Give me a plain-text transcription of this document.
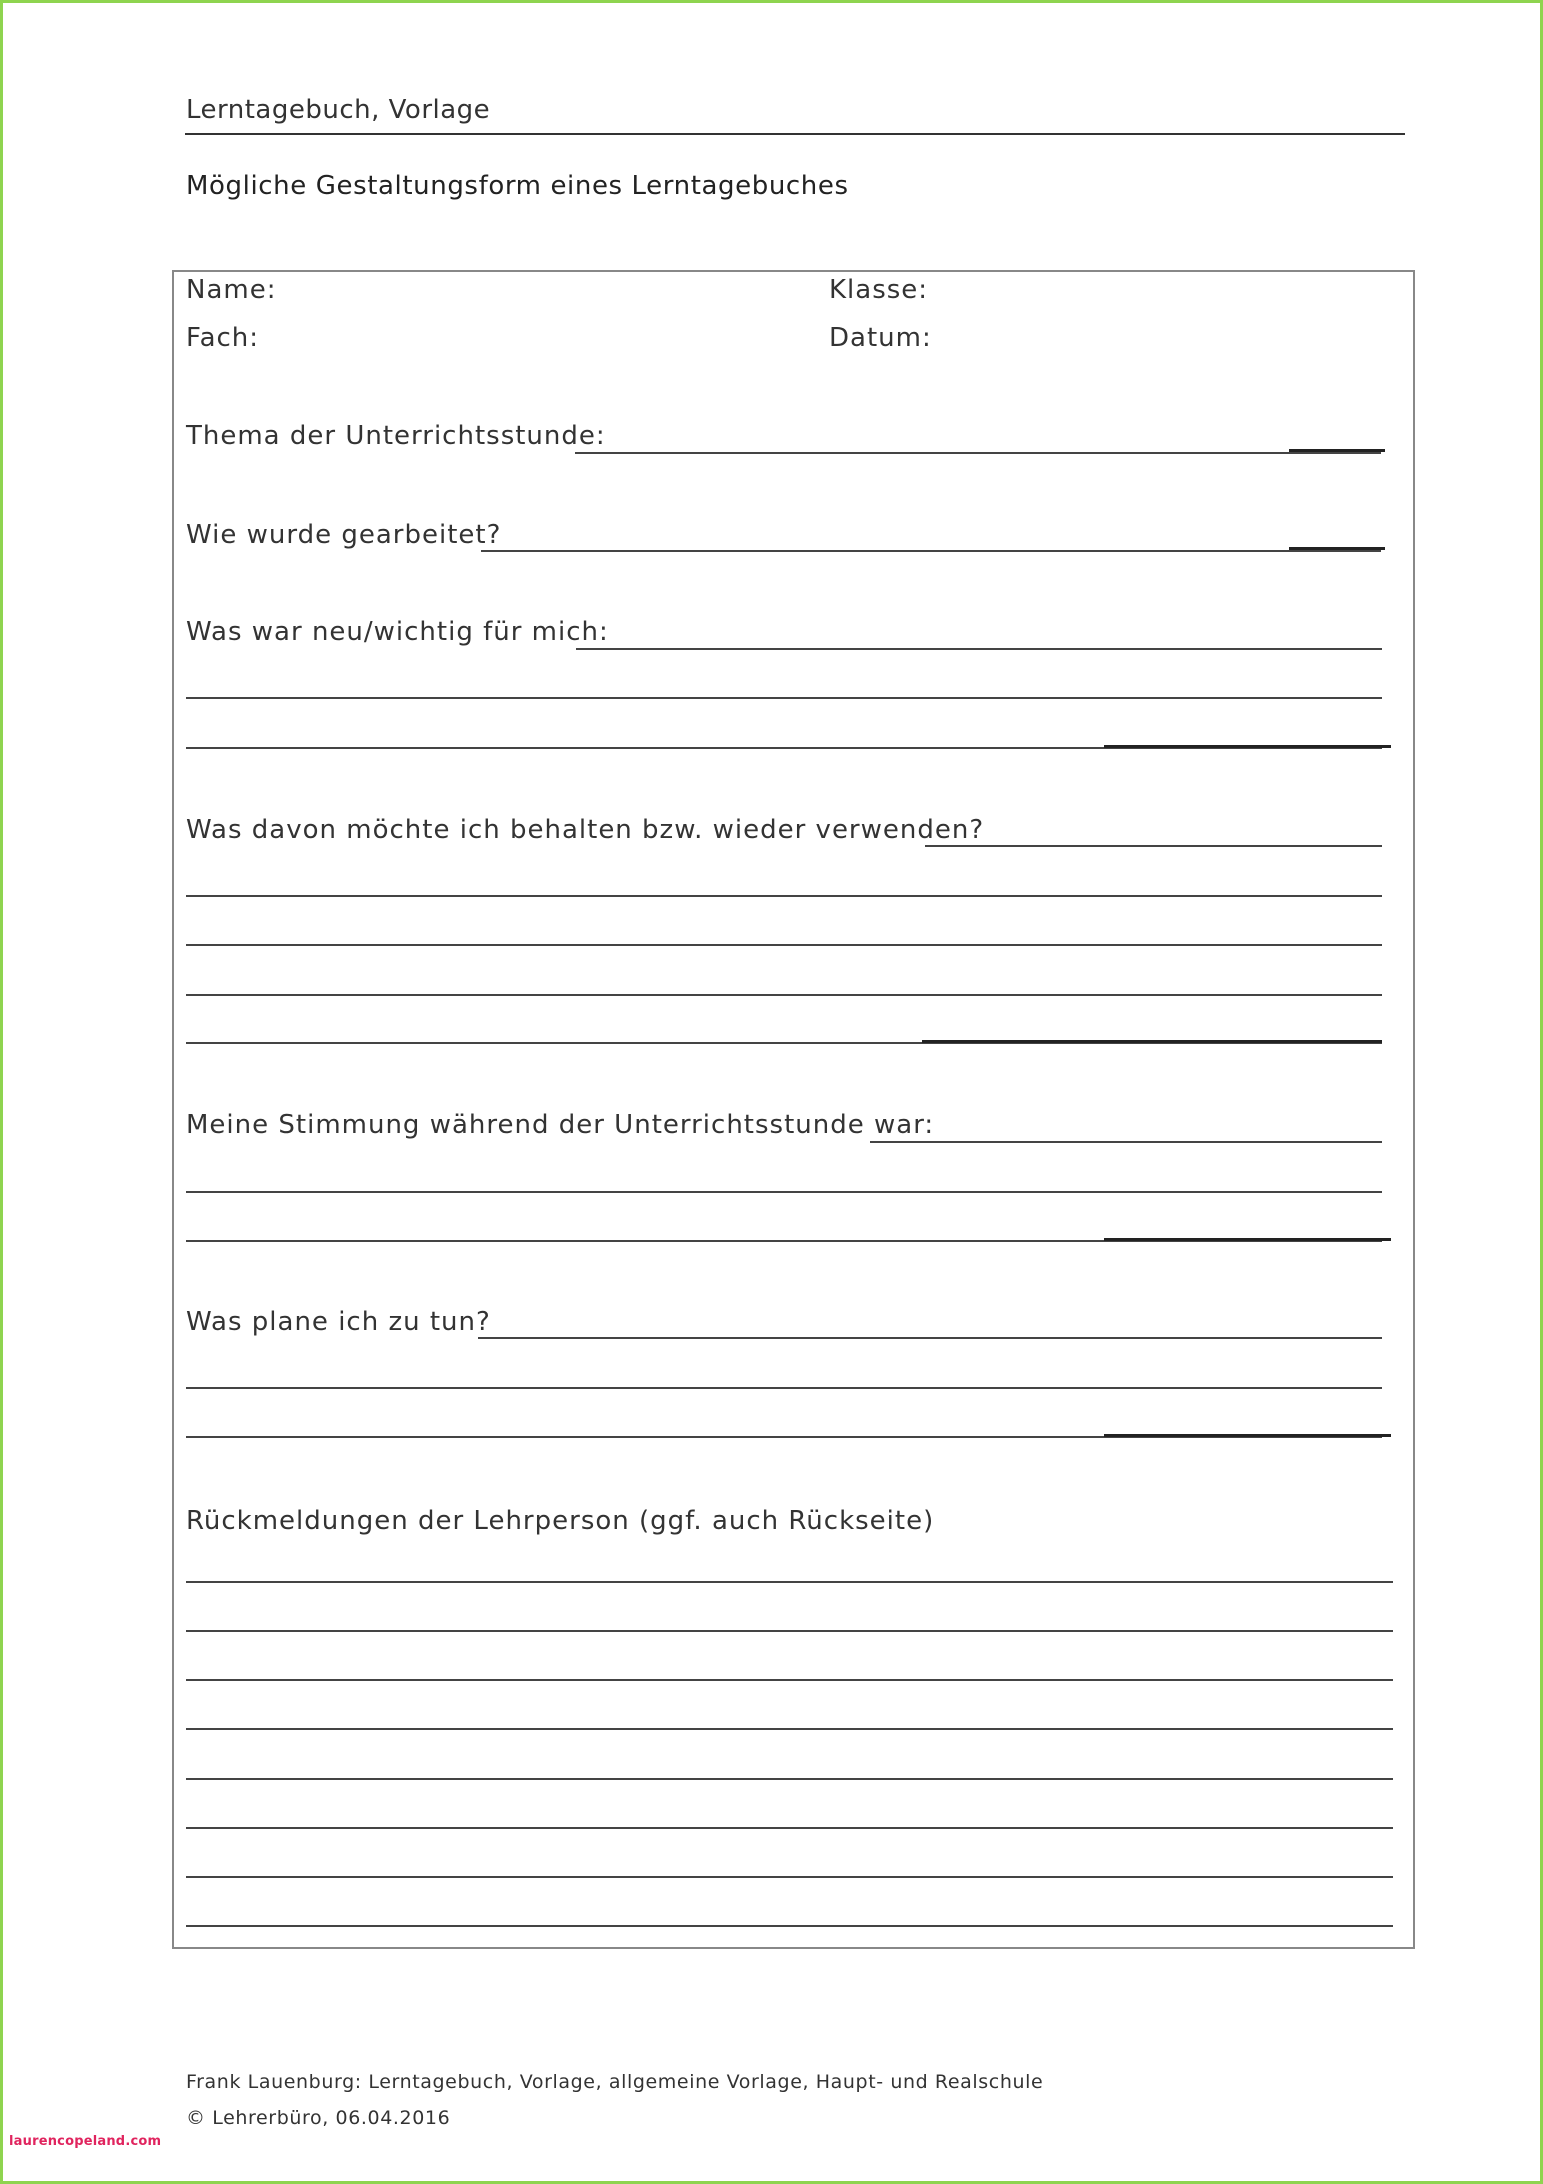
Lerntagebuch, Vorlage
Mögliche Gestaltungsform eines Lerntagebuches
Name:	Klasse:
Fach:	Datum:
Thema der Unterrichtsstunde:
Wie wurde gearbeitet?
Was war neu/wichtig für mich:
Was davon möchte ich behalten bzw. wieder verwenden?
Meine Stimmung während der Unterrichtsstunde war:
Was plane ich zu tun?
Rückmeldungen der Lehrperson (ggf. auch Rückseite)
Frank Lauenburg: Lerntagebuch, Vorlage, allgemeine Vorlage, Haupt- und Realschule
© Lehrerbüro, 06.04.2016
laurencopeland.com
